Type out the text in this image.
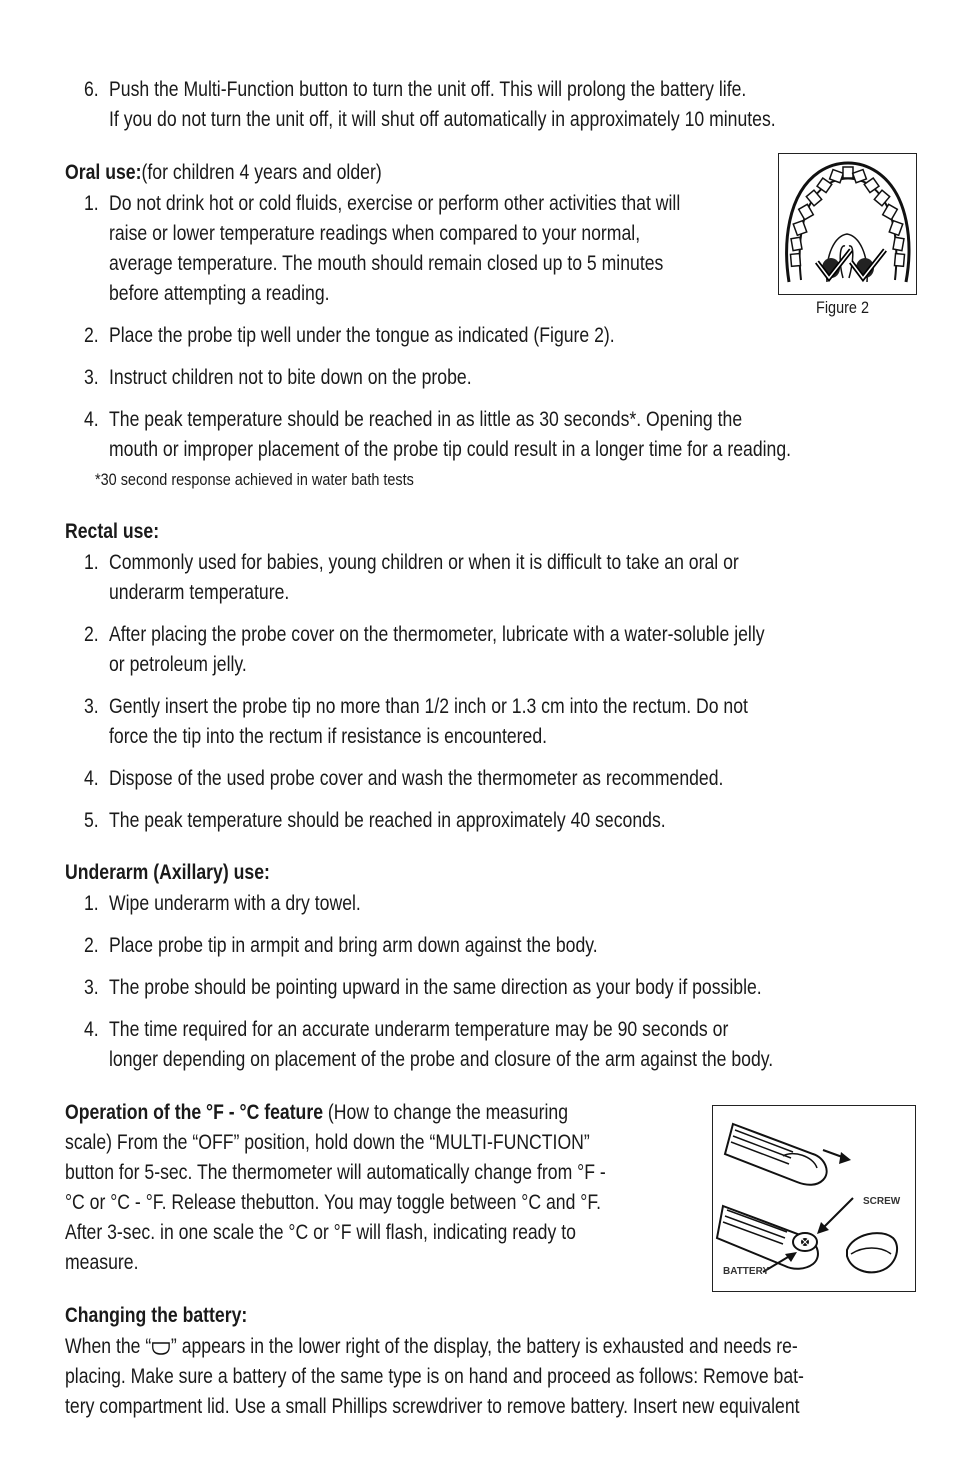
6. Push the Multi-Function button to turn the unit off. This will prolong the battery life.
If you do not turn the unit off, it will shut off automatically in approximately 10 minutes.
Oral use:(for children 4 years and older)
1. Do not drink hot or cold fluids, exercise or perform other activities that will
raise or lower temperature readings when compared to your normal,
average temperature. The mouth should remain closed up to 5 minutes
before attempting a reading.
2. Place the probe tip well under the tongue as indicated (Figure 2).
3. Instruct children not to bite down on the probe.
4. The peak temperature should be reached in as little as 30 seconds*. Opening the
mouth or improper placement of the probe tip could result in a longer time for a reading.
*30 second response achieved in water bath tests
Figure 2
Rectal use:
1. Commonly used for babies, young children or when it is difficult to take an oral or
underarm temperature.
2. After placing the probe cover on the thermometer, lubricate with a water-soluble jelly
or petroleum jelly.
3. Gently insert the probe tip no more than 1/2 inch or 1.3 cm into the rectum. Do not
force the tip into the rectum if resistance is encountered.
4. Dispose of the used probe cover and wash the thermometer as recommended.
5. The peak temperature should be reached in approximately 40 seconds.
Underarm (Axillary) use:
1. Wipe underarm with a dry towel.
2. Place probe tip in armpit and bring arm down against the body.
3. The probe should be pointing upward in the same direction as your body if possible.
4. The time required for an accurate underarm temperature may be 90 seconds or
longer depending on placement of the probe and closure of the arm against the body.
Operation of the °F - °C feature (How to change the measuring
scale) From the “OFF” position, hold down the “MULTI-FUNCTION”
button for 5-sec. The thermometer will automatically change from °F -
°C or °C - °F. Release thebutton. You may toggle between °C and °F.
After 3-sec. in one scale the °C or °F will flash, indicating ready to
measure.
SCREW
BATTERY
Changing the battery:
When the “ ” appears in the lower right of the display, the battery is exhausted and needs re-
placing. Make sure a battery of the same type is on hand and proceed as follows: Remove bat-
tery compartment lid. Use a small Phillips screwdriver to remove battery. Insert new equivalent
